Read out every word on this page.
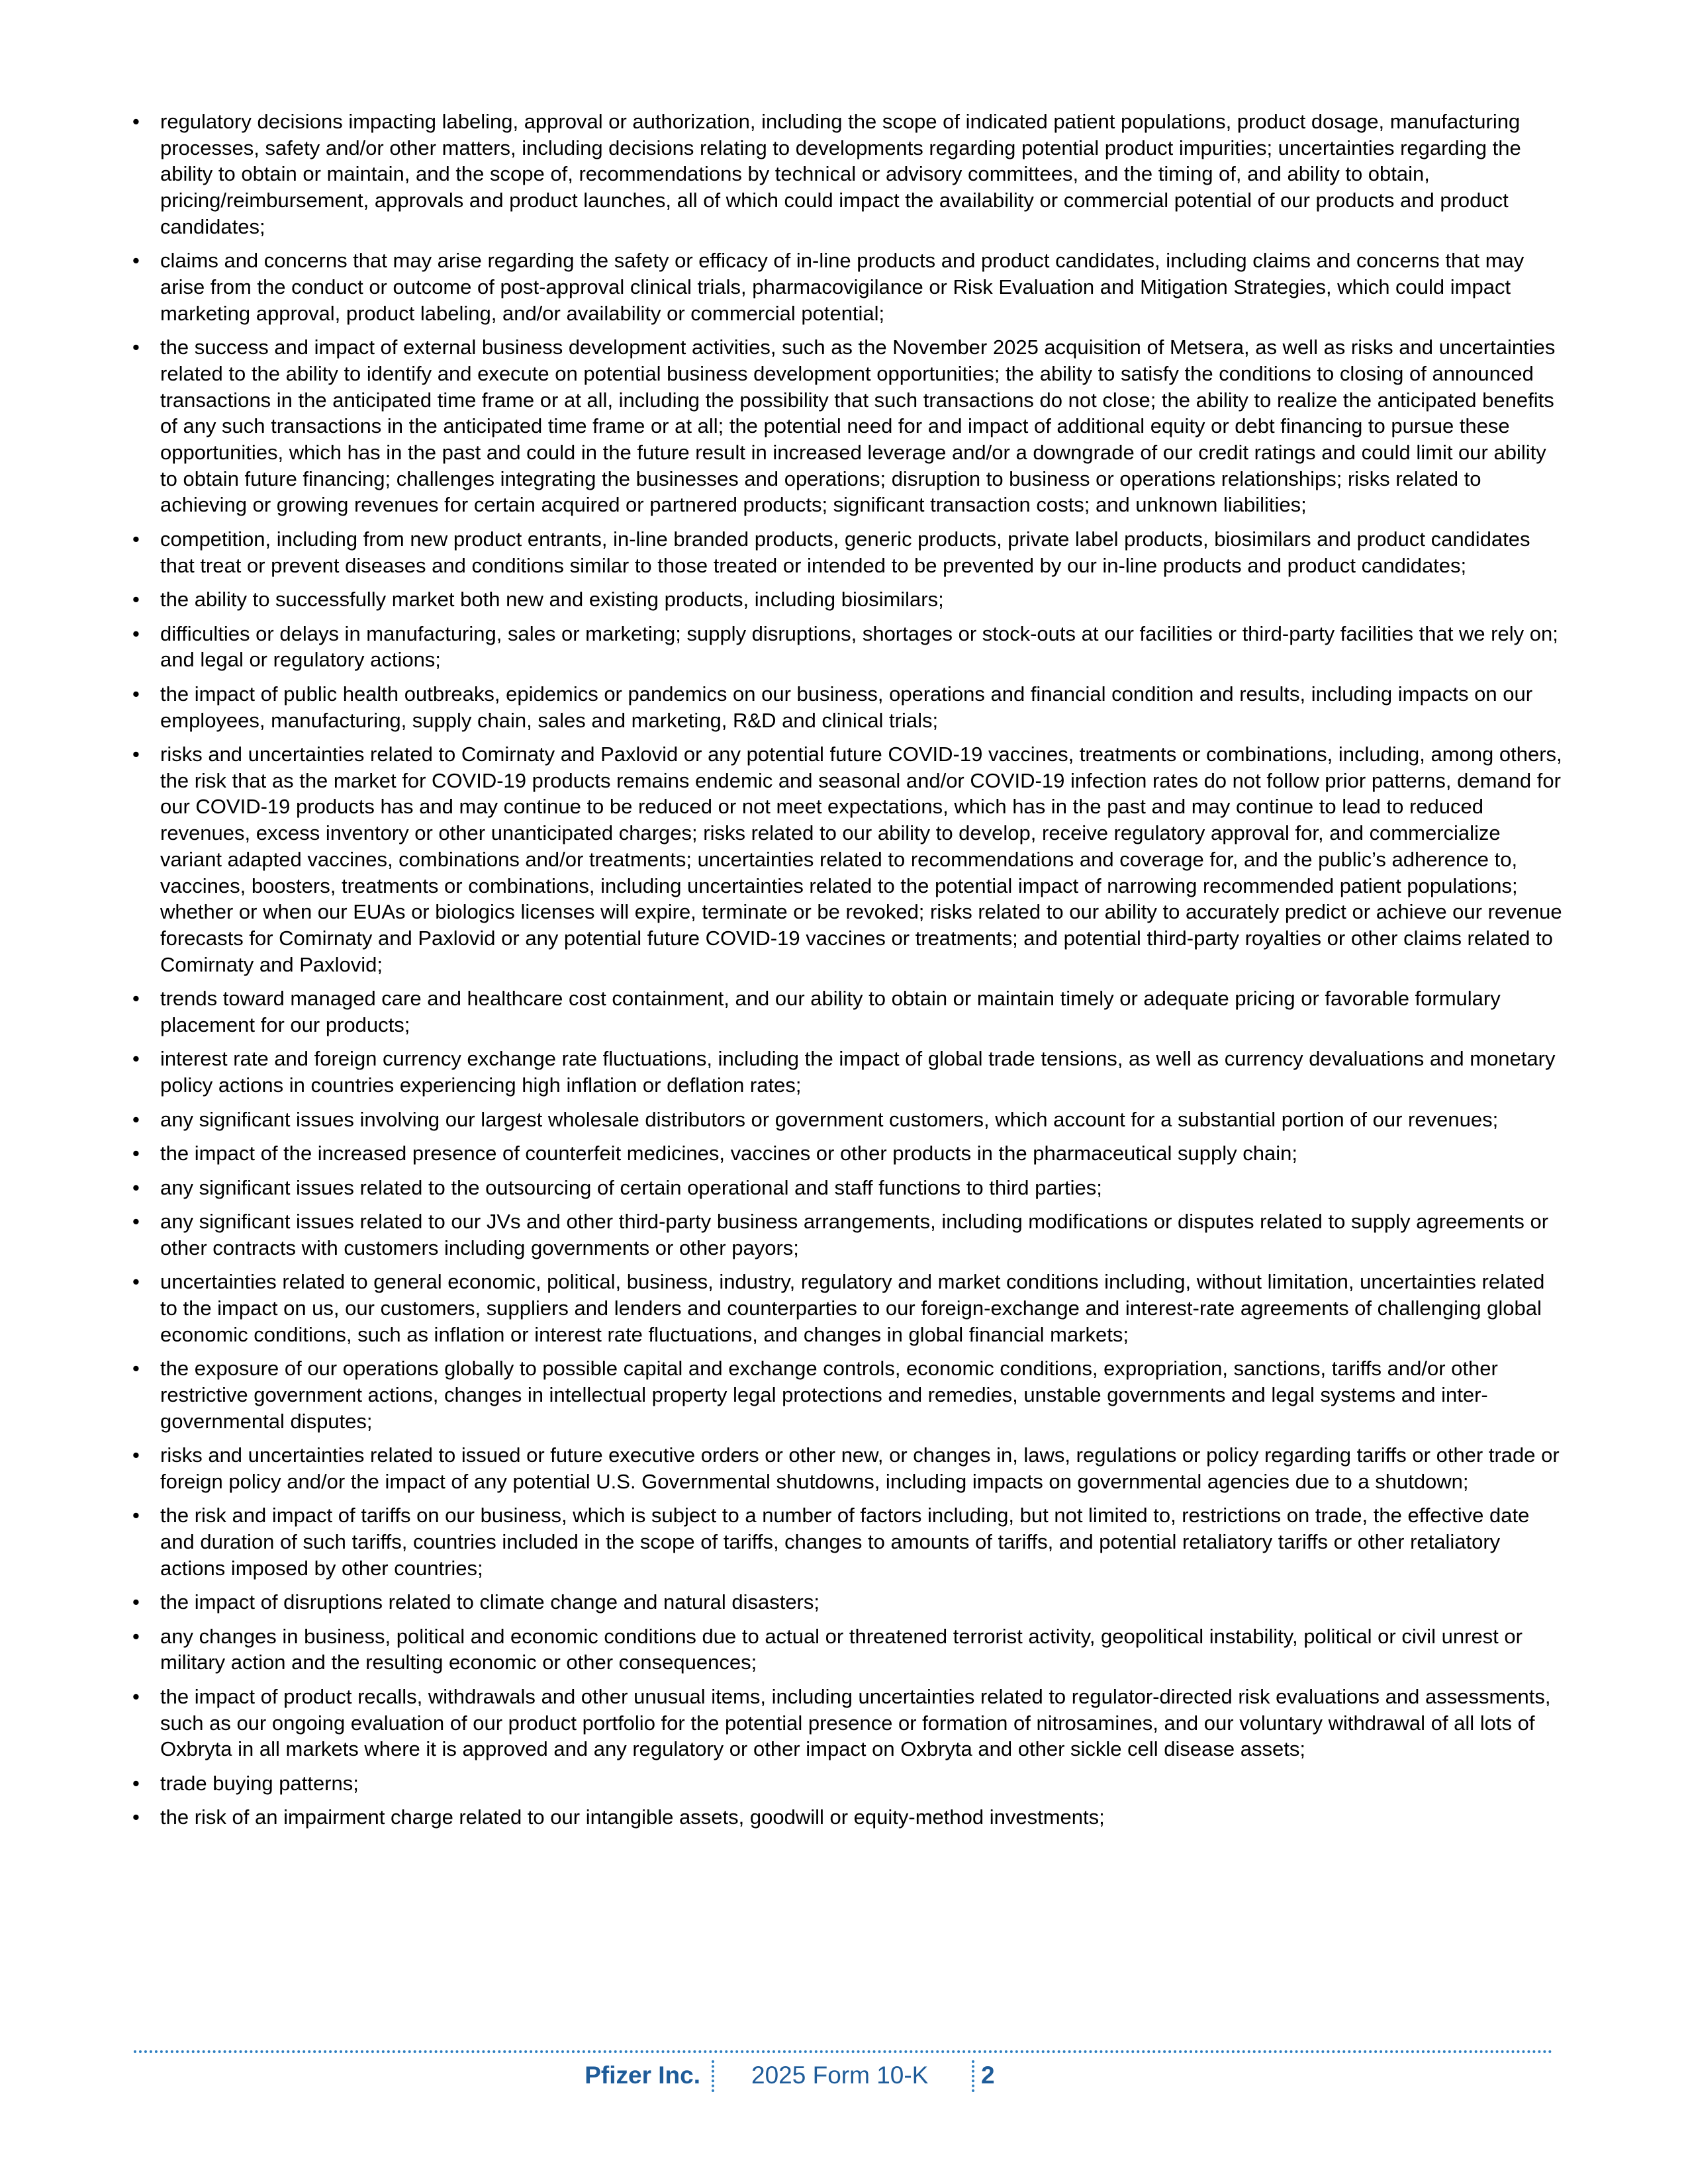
• regulatory decisions impacting labeling, approval or authorization, including the scope of indicated patient populations, product dosage, manufacturing processes, safety and/or other matters, including decisions relating to developments regarding potential product impurities; uncertainties regarding the ability to obtain or maintain, and the scope of, recommendations by technical or advisory committees, and the timing of, and ability to obtain, pricing/reimbursement, approvals and product launches, all of which could impact the availability or commercial potential of our products and product candidates;
• claims and concerns that may arise regarding the safety or efficacy of in-line products and product candidates, including claims and concerns that may arise from the conduct or outcome of post-approval clinical trials, pharmacovigilance or Risk Evaluation and Mitigation Strategies, which could impact marketing approval, product labeling, and/or availability or commercial potential;
• the success and impact of external business development activities, such as the November 2025 acquisition of Metsera, as well as risks and uncertainties related to the ability to identify and execute on potential business development opportunities; the ability to satisfy the conditions to closing of announced transactions in the anticipated time frame or at all, including the possibility that such transactions do not close; the ability to realize the anticipated benefits of any such transactions in the anticipated time frame or at all; the potential need for and impact of additional equity or debt financing to pursue these opportunities, which has in the past and could in the future result in increased leverage and/or a downgrade of our credit ratings and could limit our ability to obtain future financing; challenges integrating the businesses and operations; disruption to business or operations relationships; risks related to achieving or growing revenues for certain acquired or partnered products; significant transaction costs; and unknown liabilities;
• competition, including from new product entrants, in-line branded products, generic products, private label products, biosimilars and product candidates that treat or prevent diseases and conditions similar to those treated or intended to be prevented by our in-line products and product candidates;
• the ability to successfully market both new and existing products, including biosimilars;
• difficulties or delays in manufacturing, sales or marketing; supply disruptions, shortages or stock-outs at our facilities or third-party facilities that we rely on; and legal or regulatory actions;
• the impact of public health outbreaks, epidemics or pandemics on our business, operations and financial condition and results, including impacts on our employees, manufacturing, supply chain, sales and marketing, R&D and clinical trials;
• risks and uncertainties related to Comirnaty and Paxlovid or any potential future COVID-19 vaccines, treatments or combinations, including, among others, the risk that as the market for COVID-19 products remains endemic and seasonal and/or COVID-19 infection rates do not follow prior patterns, demand for our COVID-19 products has and may continue to be reduced or not meet expectations, which has in the past and may continue to lead to reduced revenues, excess inventory or other unanticipated charges; risks related to our ability to develop, receive regulatory approval for, and commercialize variant adapted vaccines, combinations and/or treatments; uncertainties related to recommendations and coverage for, and the public’s adherence to, vaccines, boosters, treatments or combinations, including uncertainties related to the potential impact of narrowing recommended patient populations; whether or when our EUAs or biologics licenses will expire, terminate or be revoked; risks related to our ability to accurately predict or achieve our revenue forecasts for Comirnaty and Paxlovid or any potential future COVID-19 vaccines or treatments; and potential third-party royalties or other claims related to Comirnaty and Paxlovid;
• trends toward managed care and healthcare cost containment, and our ability to obtain or maintain timely or adequate pricing or favorable formulary placement for our products;
• interest rate and foreign currency exchange rate fluctuations, including the impact of global trade tensions, as well as currency devaluations and monetary policy actions in countries experiencing high inflation or deflation rates;
• any significant issues involving our largest wholesale distributors or government customers, which account for a substantial portion of our revenues;
• the impact of the increased presence of counterfeit medicines, vaccines or other products in the pharmaceutical supply chain;
• any significant issues related to the outsourcing of certain operational and staff functions to third parties;
• any significant issues related to our JVs and other third-party business arrangements, including modifications or disputes related to supply agreements or other contracts with customers including governments or other payors;
• uncertainties related to general economic, political, business, industry, regulatory and market conditions including, without limitation, uncertainties related to the impact on us, our customers, suppliers and lenders and counterparties to our foreign-exchange and interest-rate agreements of challenging global economic conditions, such as inflation or interest rate fluctuations, and changes in global financial markets;
• the exposure of our operations globally to possible capital and exchange controls, economic conditions, expropriation, sanctions, tariffs and/or other restrictive government actions, changes in intellectual property legal protections and remedies, unstable governments and legal systems and inter-governmental disputes;
• risks and uncertainties related to issued or future executive orders or other new, or changes in, laws, regulations or policy regarding tariffs or other trade or foreign policy and/or the impact of any potential U.S. Governmental shutdowns, including impacts on governmental agencies due to a shutdown;
• the risk and impact of tariffs on our business, which is subject to a number of factors including, but not limited to, restrictions on trade, the effective date and duration of such tariffs, countries included in the scope of tariffs, changes to amounts of tariffs, and potential retaliatory tariffs or other retaliatory actions imposed by other countries;
• the impact of disruptions related to climate change and natural disasters;
• any changes in business, political and economic conditions due to actual or threatened terrorist activity, geopolitical instability, political or civil unrest or military action and the resulting economic or other consequences;
• the impact of product recalls, withdrawals and other unusual items, including uncertainties related to regulator-directed risk evaluations and assessments, such as our ongoing evaluation of our product portfolio for the potential presence or formation of nitrosamines, and our voluntary withdrawal of all lots of Oxbryta in all markets where it is approved and any regulatory or other impact on Oxbryta and other sickle cell disease assets;
• trade buying patterns;
• the risk of an impairment charge related to our intangible assets, goodwill or equity-method investments;
Pfizer Inc. 2025 Form 10-K 2
